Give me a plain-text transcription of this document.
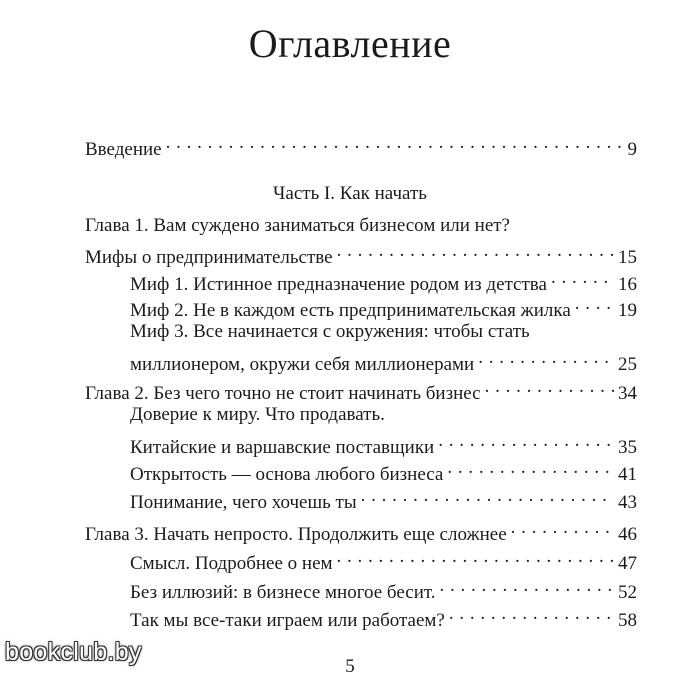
Оглавление
Введение . . .	9
Часть I. Как начать
Глава 1. Вам суждено заниматься бизнесом или нет?
Мифы о предпринимательстве . . .	15
Миф 1. Истинное предназначение родом из детства . . .	16
Миф 2. Не в каждом есть предпринимательская жилка . . . 19
Миф 3. Все начинается с окружения: чтобы стать
миллионером, окружи себя миллионерами . . .	25
Глава 2. Без чего точно не стоит начинать бизнес . . .	34
Доверие к миру. Что продавать.
Китайские и варшавские поставщики . . .	35
Открытость — основа любого бизнеса . . .	41
Понимание, чего хочешь ты . . .	43
Глава 3. Начать непросто. Продолжить еще сложнее . . .	46
Смысл. Подробнее о нем . . .	47
Без иллюзий: в бизнесе многое бесит. . . .	52
Так мы все-таки играем или работаем? . . .	58
bookclub.by
5
